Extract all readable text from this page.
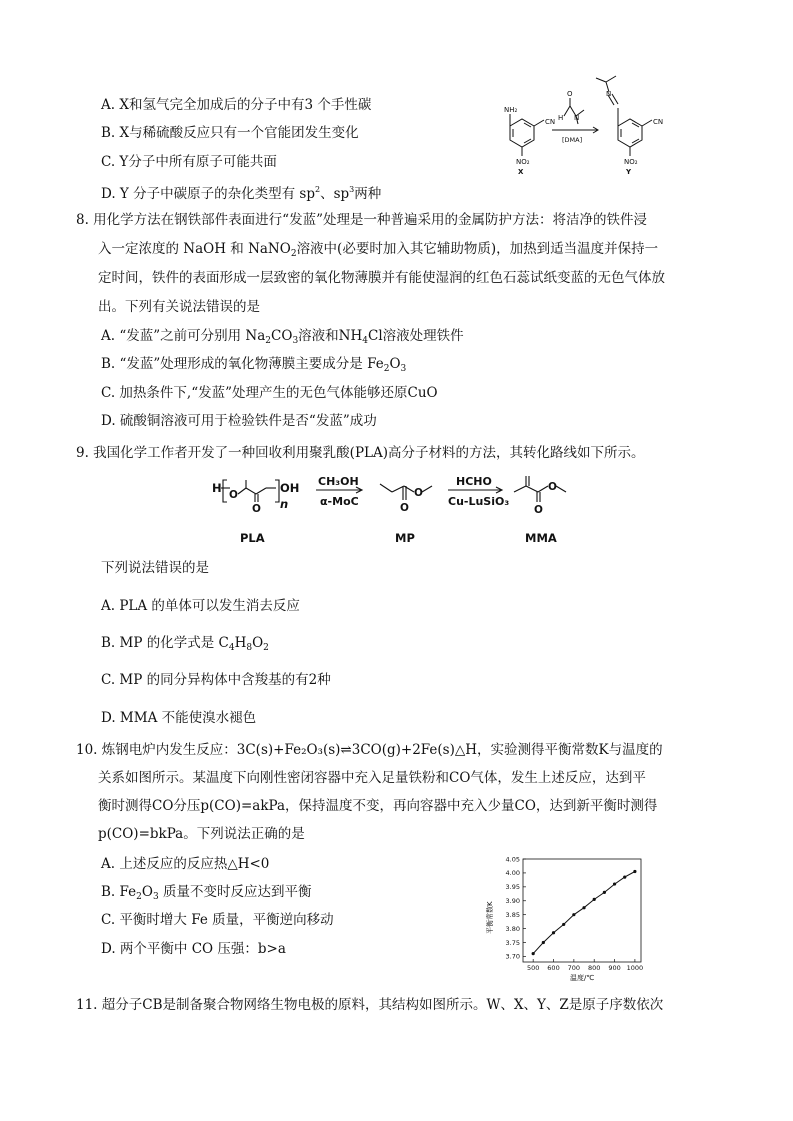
A. X和氢气完全加成后的分子中有3 个手性碳
B. X与稀硫酸反应只有一个官能团发生变化
C. Y分子中所有原子可能共面
D. Y 分子中碳原子的杂化类型有 $sp^2$、$sp^3$两种
NH₂
CN
NO₂
X
O
H N
[DMA]
N
CN
NO₂
Y
8. 用化学方法在钢铁部件表面进行“发蓝”处理是一种普遍采用的金属防护方法：将洁净的铁件浸
入一定浓度的 NaOH 和 NaNO$_2$溶液中(必要时加入其它辅助物质)，加热到适当温度并保持一
定时间，铁件的表面形成一层致密的氧化物薄膜并有能使湿润的红色石蕊试纸变蓝的无色气体放
出。下列有关说法错误的是
A. “发蓝”之前可分别用 $Na_2CO_3$溶液和$NH_4Cl$溶液处理铁件
B. “发蓝”处理形成的氧化物薄膜主要成分是 $Fe_2O_3$
C. 加热条件下,“发蓝”处理产生的无色气体能够还原CuO
D. 硫酸铜溶液可用于检验铁件是否“发蓝”成功
9. 我国化学工作者开发了一种回收利用聚乳酸(PLA)高分子材料的方法，其转化路线如下所示。
H O	OH
n
O
CH₃OH
α-MoC
HCHO
Cu-LuSiO₃
O
O
O
O
PLA	MP	MMA
下列说法错误的是
A. PLA 的单体可以发生消去反应
B. MP 的化学式是 $C_4H_8O_2$
C. MP 的同分异构体中含羧基的有2种
D. MMA 不能使溴水褪色
10. 炼钢电炉内发生反应：3C(s)+Fe₂O₃(s)⇌3CO(g)+2Fe(s)△H，实验测得平衡常数K与温度的
关系如图所示。某温度下向刚性密闭容器中充入足量铁粉和CO气体，发生上述反应，达到平
衡时测得CO分压p(CO)=akPa，保持温度不变，再向容器中充入少量CO，达到新平衡时测得
p(CO)=bkPa。下列说法正确的是
A. 上述反应的反应热△H<0
B. $Fe_2O_3$ 质量不变时反应达到平衡
C. 平衡时增大 Fe 质量，平衡逆向移动
D. 两个平衡中 CO 压强：b>a
500 600 700 800 900 1000
3.70
3.75
3.80
3.85
3.90
3.95
4.00
4.05
温度/℃
平衡常数K
11. 超分子CB是制备聚合物网络生物电极的原料，其结构如图所示。W、X、Y、Z是原子序数依次
